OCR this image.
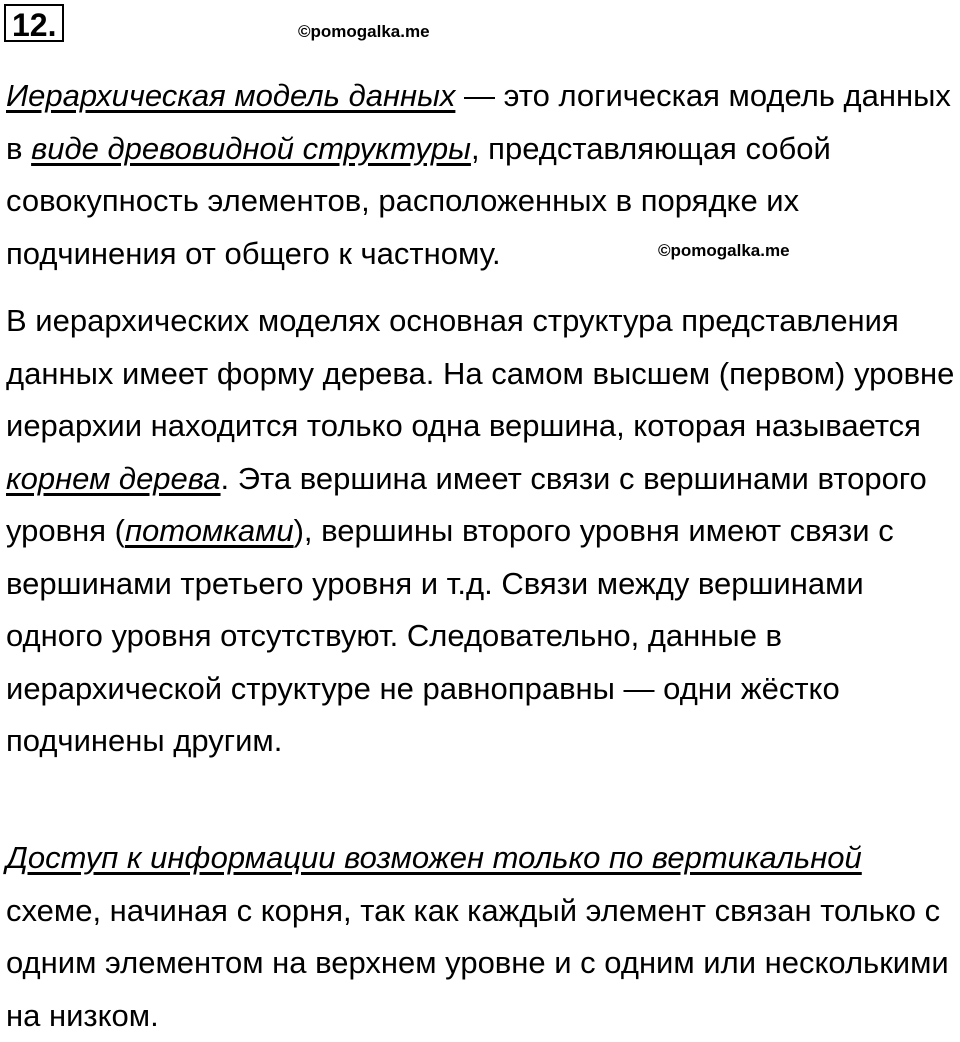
12.	©pomogalka.me
©pomogalka.me

Иерархическая модель данных — это логическая модель данных в виде древовидной структуры, представляющая собой совокупность элементов, расположенных в порядке их подчинения от общего к частному.

В иерархических моделях основная структура представления данных имеет форму дерева. На самом высшем (первом) уровне иерархии находится только одна вершина, которая называется корнем дерева. Эта вершина имеет связи с вершинами второго уровня (потомками), вершины второго уровня имеют связи с вершинами третьего уровня и т.д. Связи между вершинами одного уровня отсутствуют. Следовательно, данные в иерархической структуре не равноправны — одни жёстко подчинены другим.

Доступ к информации возможен только по вертикальной схеме, начиная с корня, так как каждый элемент связан только с одним элементом на верхнем уровне и с одним или несколькими на низком.
